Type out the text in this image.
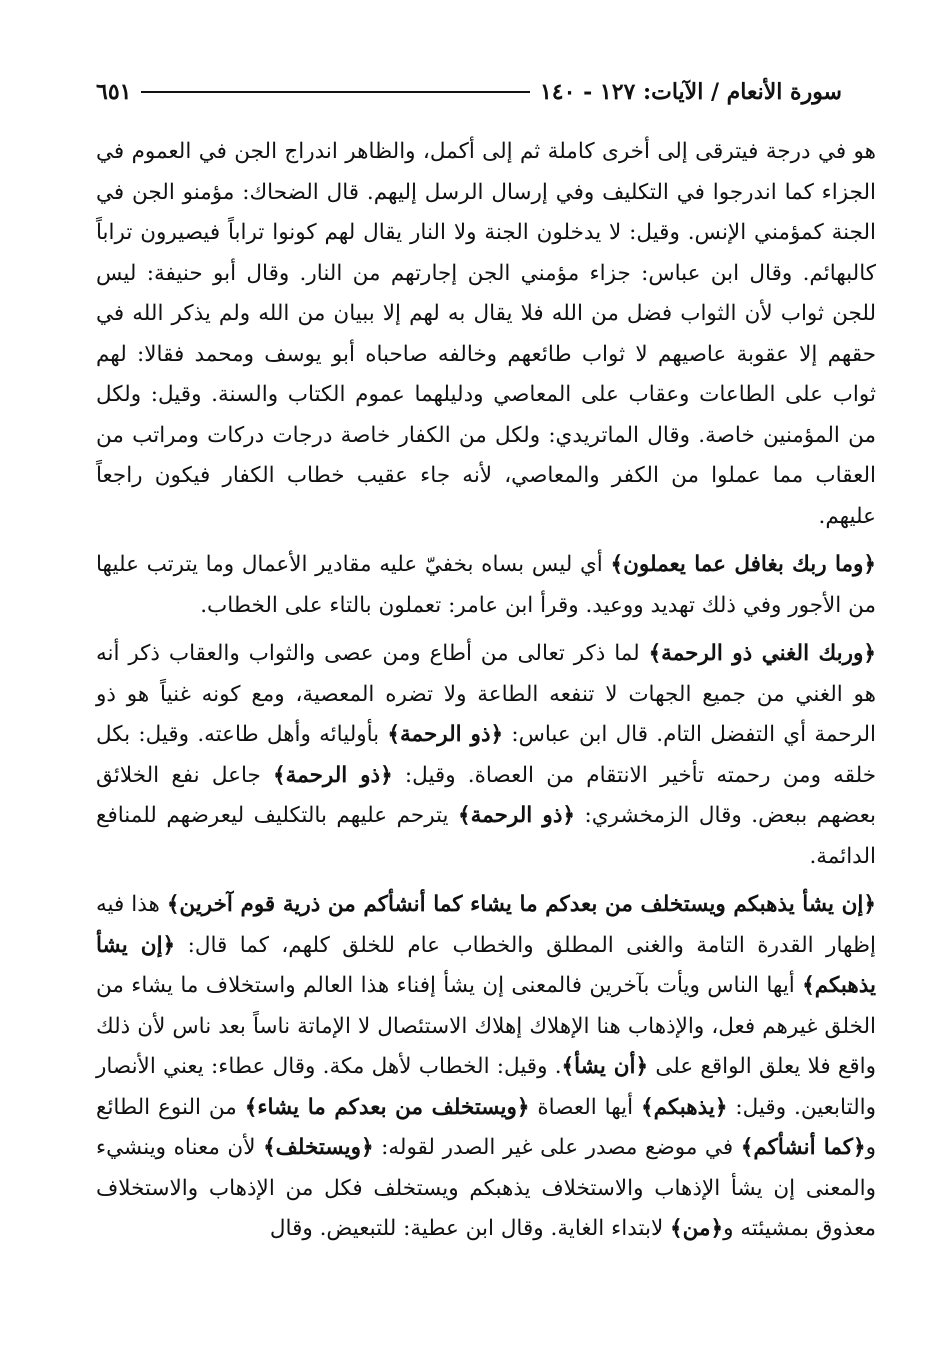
سورة الأنعام / الآيات: ١٢٧ - ١٤٠
٦٥١

هو في درجة فيترقى إلى أخرى كاملة ثم إلى أكمل، والظاهر اندراج الجن في العموم في الجزاء كما اندرجوا في التكليف وفي إرسال الرسل إليهم. قال الضحاك: مؤمنو الجن في الجنة كمؤمني الإنس. وقيل: لا يدخلون الجنة ولا النار يقال لهم كونوا تراباً فيصيرون تراباً كالبهائم. وقال ابن عباس: جزاء مؤمني الجن إجارتهم من النار. وقال أبو حنيفة: ليس للجن ثواب لأن الثواب فضل من الله فلا يقال به لهم إلا ببيان من الله ولم يذكر الله في حقهم إلا عقوبة عاصيهم لا ثواب طائعهم وخالفه صاحباه أبو يوسف ومحمد فقالا: لهم ثواب على الطاعات وعقاب على المعاصي ودليلهما عموم الكتاب والسنة. وقيل: ولكل من المؤمنين خاصة. وقال الماتريدي: ولكل من الكفار خاصة درجات دركات ومراتب من العقاب مما عملوا من الكفر والمعاصي، لأنه جاء عقيب خطاب الكفار فيكون راجعاً عليهم.

﴿وما ربك بغافل عما يعملون﴾ أي ليس بساه بخفيّ عليه مقادير الأعمال وما يترتب عليها من الأجور وفي ذلك تهديد ووعيد. وقرأ ابن عامر: تعملون بالتاء على الخطاب.

﴿وربك الغني ذو الرحمة﴾ لما ذكر تعالى من أطاع ومن عصى والثواب والعقاب ذكر أنه هو الغني من جميع الجهات لا تنفعه الطاعة ولا تضره المعصية، ومع كونه غنياً هو ذو الرحمة أي التفضل التام. قال ابن عباس: ﴿ذو الرحمة﴾ بأوليائه وأهل طاعته. وقيل: بكل خلقه ومن رحمته تأخير الانتقام من العصاة. وقيل: ﴿ذو الرحمة﴾ جاعل نفع الخلائق بعضهم ببعض. وقال الزمخشري: ﴿ذو الرحمة﴾ يترحم عليهم بالتكليف ليعرضهم للمنافع الدائمة.

﴿إن يشأ يذهبكم ويستخلف من بعدكم ما يشاء كما أنشأكم من ذرية قوم آخرين﴾ هذا فيه إظهار القدرة التامة والغنى المطلق والخطاب عام للخلق كلهم، كما قال: ﴿إن يشأ يذهبكم﴾ أيها الناس ويأت بآخرين فالمعنى إن يشأ إفناء هذا العالم واستخلاف ما يشاء من الخلق غيرهم فعل، والإذهاب هنا الإهلاك إهلاك الاستئصال لا الإماتة ناساً بعد ناس لأن ذلك واقع فلا يعلق الواقع على ﴿أن يشأ﴾. وقيل: الخطاب لأهل مكة. وقال عطاء: يعني الأنصار والتابعين. وقيل: ﴿يذهبكم﴾ أيها العصاة ﴿ويستخلف من بعدكم ما يشاء﴾ من النوع الطائع و﴿كما أنشأكم﴾ في موضع مصدر على غير الصدر لقوله: ﴿ويستخلف﴾ لأن معناه وينشيء والمعنى إن يشأ الإذهاب والاستخلاف يذهبكم ويستخلف فكل من الإذهاب والاستخلاف معذوق بمشيئته و﴿من﴾ لابتداء الغاية. وقال ابن عطية: للتبعيض. وقال
